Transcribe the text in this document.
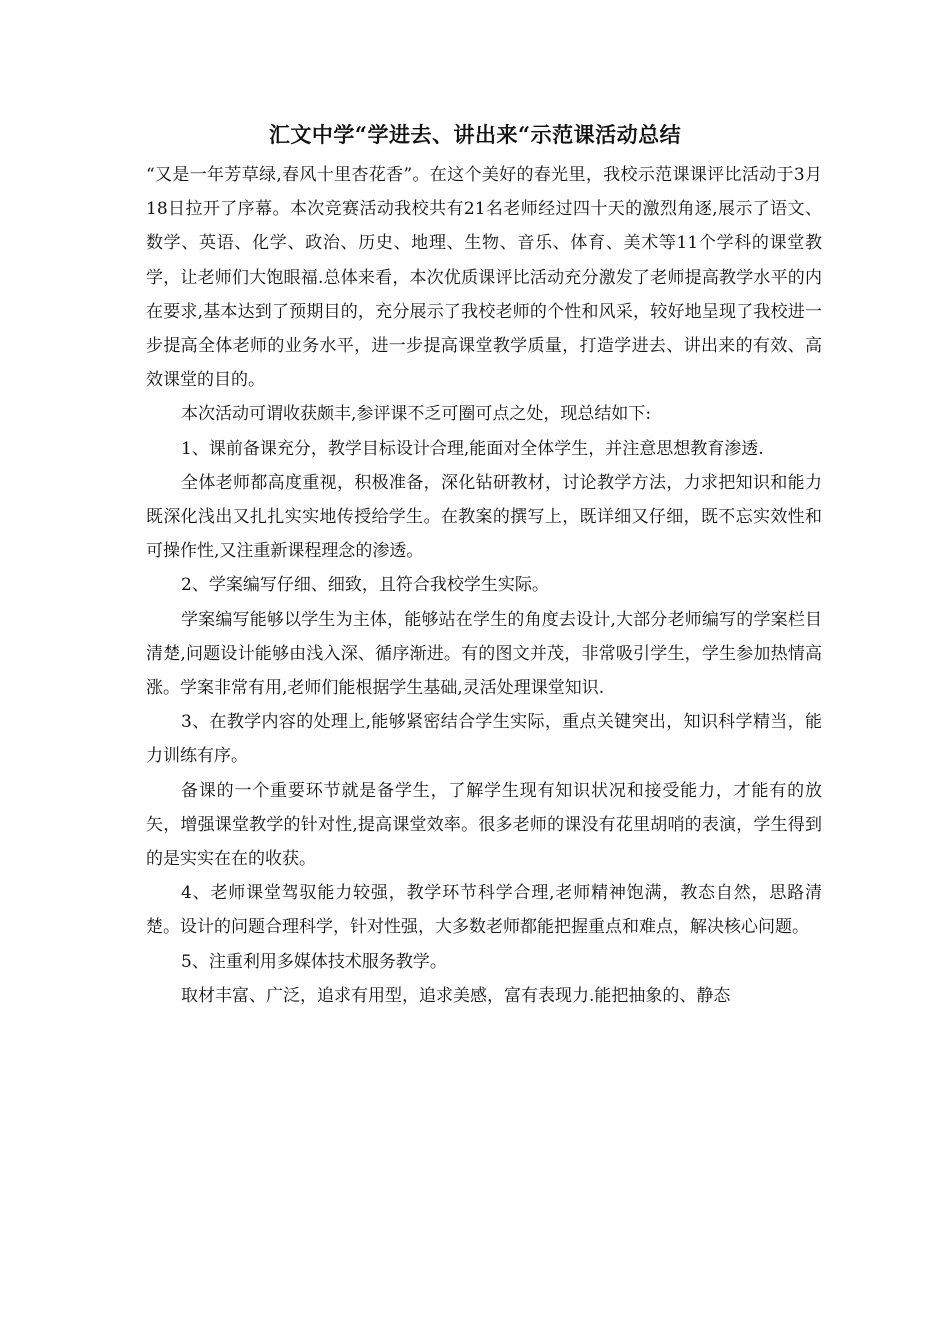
汇文中学“学进去、讲出来“示范课活动总结

“又是一年芳草绿,春风十里杏花香”。在这个美好的春光里，我校示范课课评比活动于3月18日拉开了序幕。本次竞赛活动我校共有21名老师经过四十天的激烈角逐,展示了语文、数学、英语、化学、政治、历史、地理、生物、音乐、体育、美术等11个学科的课堂教学，让老师们大饱眼福.总体来看，本次优质课评比活动充分激发了老师提高教学水平的内在要求,基本达到了预期目的，充分展示了我校老师的个性和风采，较好地呈现了我校进一步提高全体老师的业务水平，进一步提高课堂教学质量，打造学进去、讲出来的有效、高效课堂的目的。

本次活动可谓收获颇丰,参评课不乏可圈可点之处，现总结如下:

1、课前备课充分，教学目标设计合理,能面对全体学生，并注意思想教育渗透.

全体老师都高度重视，积极准备，深化钻研教材，讨论教学方法，力求把知识和能力既深化浅出又扎扎实实地传授给学生。在教案的撰写上，既详细又仔细，既不忘实效性和可操作性,又注重新课程理念的渗透。

2、学案编写仔细、细致，且符合我校学生实际。

学案编写能够以学生为主体，能够站在学生的角度去设计,大部分老师编写的学案栏目清楚,问题设计能够由浅入深、循序渐进。有的图文并茂，非常吸引学生，学生参加热情高涨。学案非常有用,老师们能根据学生基础,灵活处理课堂知识.

3、在教学内容的处理上,能够紧密结合学生实际，重点关键突出，知识科学精当，能力训练有序。

备课的一个重要环节就是备学生，了解学生现有知识状况和接受能力，才能有的放矢，增强课堂教学的针对性,提高课堂效率。很多老师的课没有花里胡哨的表演，学生得到的是实实在在的收获。

4、老师课堂驾驭能力较强，教学环节科学合理,老师精神饱满，教态自然，思路清楚。设计的问题合理科学，针对性强，大多数老师都能把握重点和难点，解决核心问题。

5、注重利用多媒体技术服务教学。

取材丰富、广泛，追求有用型，追求美感，富有表现力.能把抽象的、静态
